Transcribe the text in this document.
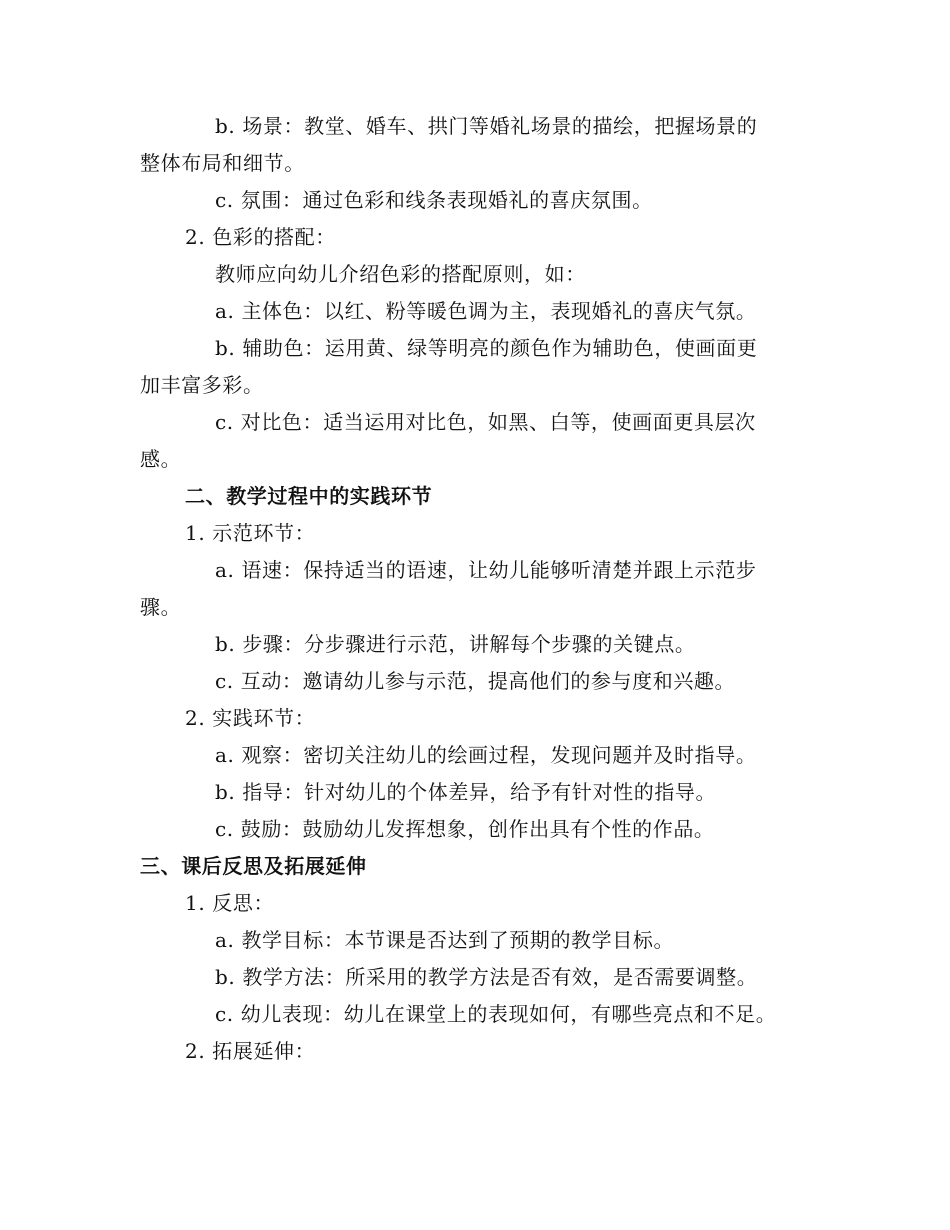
b. 场景：教堂、婚车、拱门等婚礼场景的描绘，把握场景的
整体布局和细节。
c. 氛围：通过色彩和线条表现婚礼的喜庆氛围。
2. 色彩的搭配：
教师应向幼儿介绍色彩的搭配原则，如：
a. 主体色：以红、粉等暖色调为主，表现婚礼的喜庆气氛。
b. 辅助色：运用黄、绿等明亮的颜色作为辅助色，使画面更
加丰富多彩。
c. 对比色：适当运用对比色，如黑、白等，使画面更具层次
感。
二、教学过程中的实践环节
1. 示范环节：
a. 语速：保持适当的语速，让幼儿能够听清楚并跟上示范步
骤。
b. 步骤：分步骤进行示范，讲解每个步骤的关键点。
c. 互动：邀请幼儿参与示范，提高他们的参与度和兴趣。
2. 实践环节：
a. 观察：密切关注幼儿的绘画过程，发现问题并及时指导。
b. 指导：针对幼儿的个体差异，给予有针对性的指导。
c. 鼓励：鼓励幼儿发挥想象，创作出具有个性的作品。
三、课后反思及拓展延伸
1. 反思：
a. 教学目标：本节课是否达到了预期的教学目标。
b. 教学方法：所采用的教学方法是否有效，是否需要调整。
c. 幼儿表现：幼儿在课堂上的表现如何，有哪些亮点和不足。
2. 拓展延伸：
